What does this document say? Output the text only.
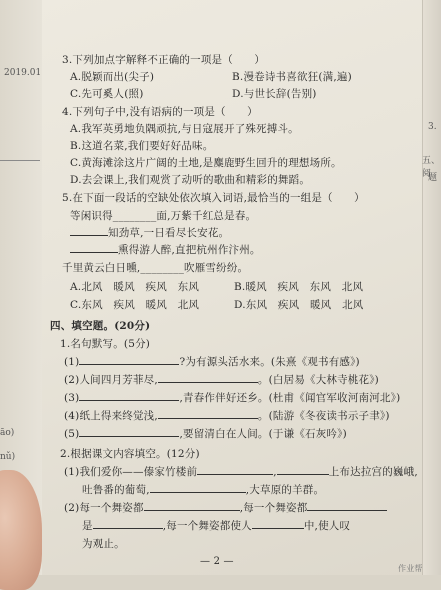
2019.01
āo)
nǔ)
3.
五、阅
题
3.下列加点字解释不正确的一项是（　　）
A.脱颖而出(尖子)	B.漫卷诗书喜欲狂(满,遍)
C.先可奚人(照)	D.与世长辞(告别)
4.下列句子中,没有语病的一项是（　　）
A.我军英勇地负隅顽抗,与日寇展开了殊死搏斗。
B.这道名菜,我们要好好品味。
C.黄海滩涂这片广阔的土地,是麋鹿野生回升的理想场所。
D.去会课上,我们观赏了动听的歌曲和精彩的舞蹈。
5.在下面一段话的空缺处依次填入词语,最恰当的一组是（　　）
等闲识得________面,万紫千红总是春。
知劲草,一日看尽长安花。
熏得游人醉,直把杭州作汴州。
千里黄云白日曛,________吹雁雪纷纷。
A.北风　暖风　疾风　东风	B.暖风　疾风　东风　北风
C.东风　疾风　暖风　北风	D.东风　疾风　暖风　北风
四、填空题。(20分)
1.名句默写。(5分)
(1)	?为有源头活水来。(朱熹《观书有感》)
(2)人间四月芳菲尽,	。(白居易《大林寺桃花》)
(3)	,青春作伴好还乡。(杜甫《闻官军收河南河北》)
(4)纸上得来终觉浅,	。(陆游《冬夜读书示子聿》)
(5)	,要留清白在人间。(于谦《石灰吟》)
2.根据课文内容填空。(12分)
(1)我们爱你——傣家竹楼前	,	上布达拉宫的巍峨,
吐鲁番的葡萄,	,大草原的羊群。
(2)每一个舞姿都	,每一个舞姿都
是	,每一个舞姿都使人	中,使人叹
为观止。
— 2 —
作业帮
